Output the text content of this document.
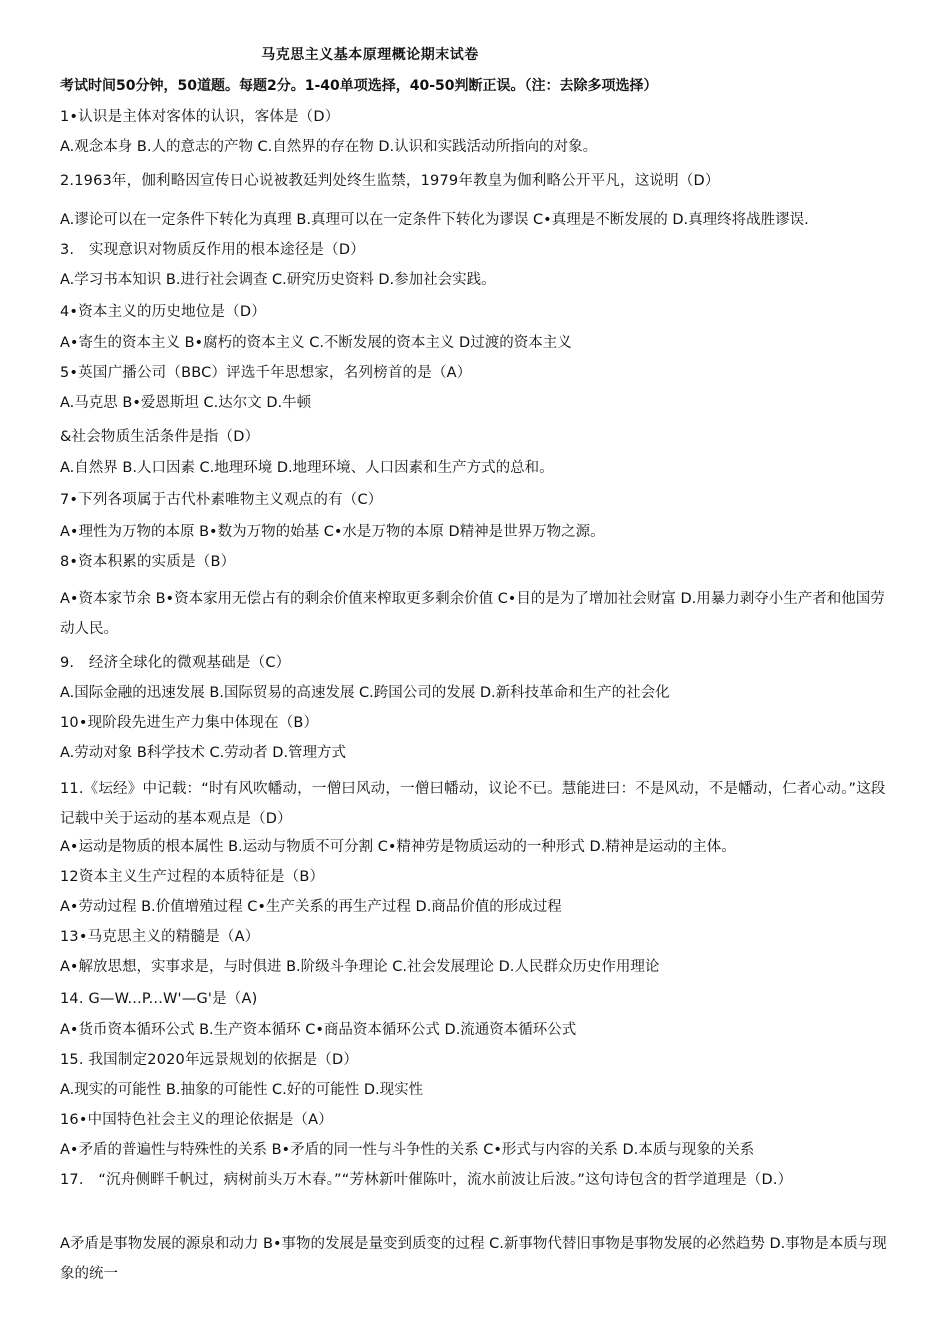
马克思主义基本原理概论期末试卷
考试时间50分钟，50道题。每题2分。1-40单项选择，40-50判断正误。（注：去除多项选择）
1•认识是主体对客体的认识，客体是（D）
A.观念本身 B.人的意志的产物 C.自然界的存在物 D.认识和实践活动所指向的对象。
2.1963年，伽利略因宣传日心说被教廷判处终生监禁，1979年教皇为伽利略公开平凡，这说明（D）
A.谬论可以在一定条件下转化为真理 B.真理可以在一定条件下转化为谬误 C•真理是不断发展的 D.真理终将战胜谬误.
3.　实现意识对物质反作用的根本途径是（D）
A.学习书本知识 B.进行社会调查 C.研究历史资料 D.参加社会实践。
4•资本主义的历史地位是（D）
A•寄生的资本主义 B•腐朽的资本主义 C.不断发展的资本主义 D过渡的资本主义
5•英国广播公司（BBC）评选千年思想家，名列榜首的是（A）
A.马克思 B•爱恩斯坦 C.达尔文 D.牛顿
&社会物质生活条件是指（D）
A.自然界 B.人口因素 C.地理环境 D.地理环境、人口因素和生产方式的总和。
7•下列各项属于古代朴素唯物主义观点的有（C）
A•理性为万物的本原 B•数为万物的始基 C•水是万物的本原 D精神是世界万物之源。
8•资本积累的实质是（B）
A•资本家节余 B•资本家用无偿占有的剩余价值来榨取更多剩余价值 C•目的是为了增加社会财富 D.用暴力剥夺小生产者和他国劳动人民。
9.　经济全球化的微观基础是（C）
A.国际金融的迅速发展 B.国际贸易的高速发展 C.跨国公司的发展 D.新科技革命和生产的社会化
10•现阶段先进生产力集中体现在（B）
A.劳动对象 B科学技术 C.劳动者 D.管理方式
11.《坛经》中记载：“时有风吹幡动，一僧曰风动，一僧曰幡动，议论不已。慧能进曰：不是风动，不是幡动，仁者心动。”这段记载中关于运动的基本观点是（D）
A•运动是物质的根本属性 B.运动与物质不可分割 C•精神劳是物质运动的一种形式 D.精神是运动的主体。
12资本主义生产过程的本质特征是（B）
A•劳动过程 B.价值增殖过程 C•生产关系的再生产过程 D.商品价值的形成过程
13•马克思主义的精髓是（A）
A•解放思想，实事求是，与时俱进 B.阶级斗争理论 C.社会发展理论 D.人民群众历史作用理论
14. G—W...P...W'—G'是（A)
A•货币资本循环公式 B.生产资本循环 C•商品资本循环公式 D.流通资本循环公式
15. 我国制定2020年远景规划的依据是（D）
A.现实的可能性 B.抽象的可能性 C.好的可能性 D.现实性
16•中国特色社会主义的理论依据是（A）
A•矛盾的普遍性与特殊性的关系 B•矛盾的同一性与斗争性的关系 C•形式与内容的关系 D.本质与现象的关系
17.　“沉舟侧畔千帆过，病树前头万木春。”“芳林新叶催陈叶，流水前波让后波。”这句诗包含的哲学道理是（D.）
A矛盾是事物发展的源泉和动力 B•事物的发展是量变到质变的过程 C.新事物代替旧事物是事物发展的必然趋势 D.事物是本质与现象的统一
